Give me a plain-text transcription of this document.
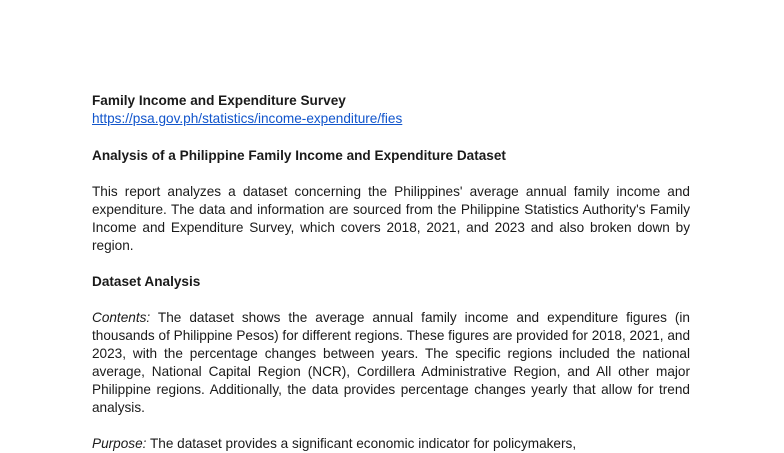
Family Income and Expenditure Survey

https://psa.gov.ph/statistics/income-expenditure/fies

Analysis of a Philippine Family Income and Expenditure Dataset

This report analyzes a dataset concerning the Philippines' average annual family income and expenditure. The data and information are sourced from the Philippine Statistics Authority's Family Income and Expenditure Survey, which covers 2018, 2021, and 2023 and also broken down by region.

Dataset Analysis

Contents: The dataset shows the average annual family income and expenditure figures (in thousands of Philippine Pesos) for different regions. These figures are provided for 2018, 2021, and 2023, with the percentage changes between years. The specific regions included the national average, National Capital Region (NCR), Cordillera Administrative Region, and All other major Philippine regions. Additionally, the data provides percentage changes yearly that allow for trend analysis.

Purpose: The dataset provides a significant economic indicator for policymakers,
